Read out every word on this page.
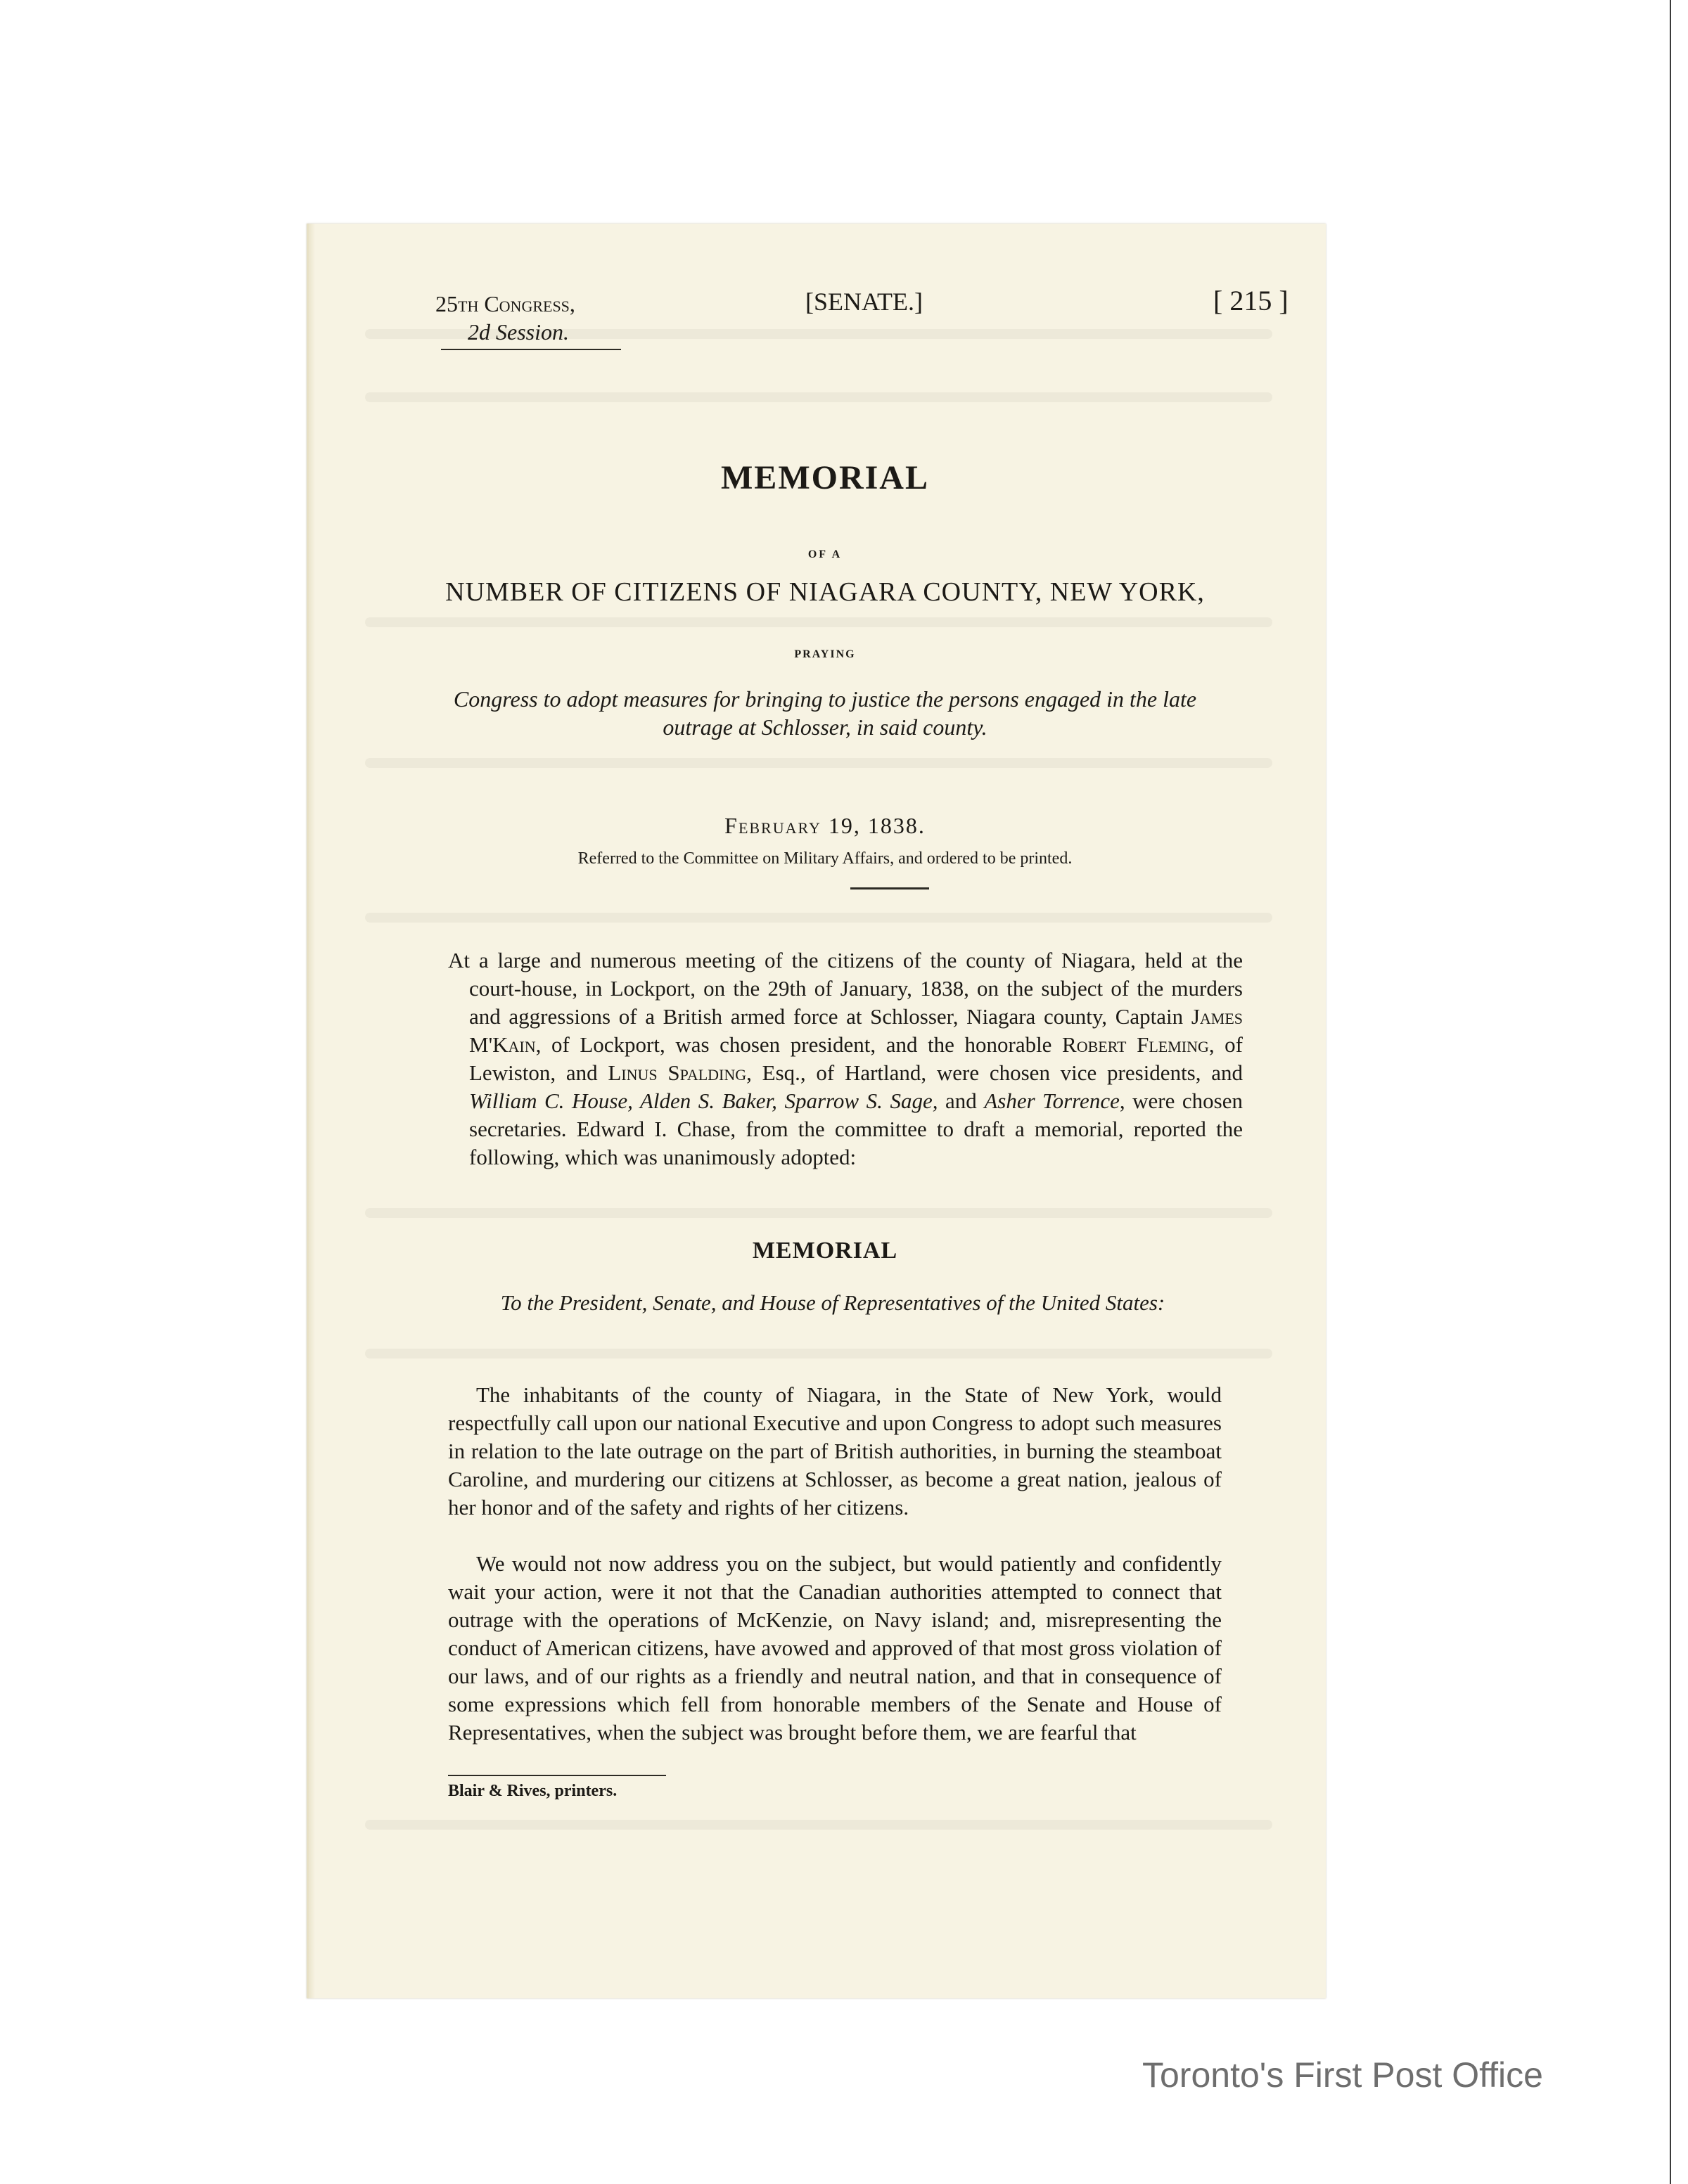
25th Congress,
2d Session.
[SENATE.]	[ 215 ]
MEMORIAL
OF A
NUMBER OF CITIZENS OF NIAGARA COUNTY, NEW YORK,
PRAYING
Congress to adopt measures for bringing to justice the persons engaged in the late outrage at Schlosser, in said county.
February 19, 1838.
Referred to the Committee on Military Affairs, and ordered to be printed.
At a large and numerous meeting of the citizens of the county of Niagara, held at the court-house, in Lockport, on the 29th of January, 1838, on the subject of the murders and aggressions of a British armed force at Schlosser, Niagara county, Captain James M'Kain, of Lockport, was chosen president, and the honorable Robert Fleming, of Lewiston, and Linus Spalding, Esq., of Hartland, were chosen vice presidents, and William C. House, Alden S. Baker, Sparrow S. Sage, and Asher Torrence, were chosen secretaries. Edward I. Chase, from the committee to draft a memorial, reported the following, which was unanimously adopted:
MEMORIAL
To the President, Senate, and House of Representatives of the United States:
The inhabitants of the county of Niagara, in the State of New York, would respectfully call upon our national Executive and upon Congress to adopt such measures in relation to the late outrage on the part of British authorities, in burning the steamboat Caroline, and murdering our citizens at Schlosser, as become a great nation, jealous of her honor and of the safety and rights of her citizens.
We would not now address you on the subject, but would patiently and confidently wait your action, were it not that the Canadian authorities attempted to connect that outrage with the operations of McKenzie, on Navy island; and, misrepresenting the conduct of American citizens, have avowed and approved of that most gross violation of our laws, and of our rights as a friendly and neutral nation, and that in consequence of some expressions which fell from honorable members of the Senate and House of Representatives, when the subject was brought before them, we are fearful that
Blair & Rives, printers.
Toronto's First Post Office
